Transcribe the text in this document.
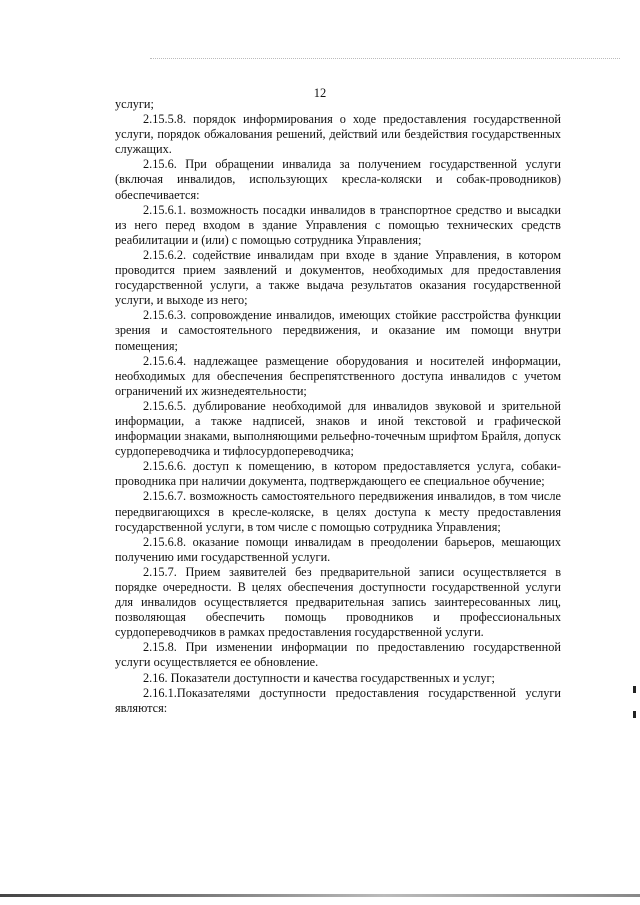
12

услуги;

2.15.5.8. порядок информирования о ходе предоставления государственной услуги, порядок обжалования решений, действий или бездействия государственных служащих.

2.15.6. При обращении инвалида за получением государственной услуги (включая инвалидов, использующих кресла-коляски и собак-проводников) обеспечивается:

2.15.6.1. возможность посадки инвалидов в транспортное средство и высадки из него перед входом в здание Управления с помощью технических средств реабилитации и (или) с помощью сотрудника Управления;

2.15.6.2. содействие инвалидам при входе в здание Управления, в котором проводится прием заявлений и документов, необходимых для предоставления государственной услуги, а также выдача результатов оказания государственной услуги, и выходе из него;

2.15.6.3. сопровождение инвалидов, имеющих стойкие расстройства функции зрения и самостоятельного передвижения, и оказание им помощи внутри помещения;

2.15.6.4. надлежащее размещение оборудования и носителей информации, необходимых для обеспечения беспрепятственного доступа инвалидов с учетом ограничений их жизнедеятельности;

2.15.6.5. дублирование необходимой для инвалидов звуковой и зрительной информации, а также надписей, знаков и иной текстовой и графической информации знаками, выполняющими рельефно-точечным шрифтом Брайля, допуск сурдопереводчика и тифлосурдопереводчика;

2.15.6.6. доступ к помещению, в котором предоставляется услуга, собаки-проводника при наличии документа, подтверждающего ее специальное обучение;

2.15.6.7. возможность самостоятельного передвижения инвалидов, в том числе передвигающихся в кресле-коляске, в целях доступа к месту предоставления государственной услуги, в том числе с помощью сотрудника Управления;

2.15.6.8. оказание помощи инвалидам в преодолении барьеров, мешающих получению ими государственной услуги.

2.15.7. Прием заявителей без предварительной записи осуществляется в порядке очередности. В целях обеспечения доступности государственной услуги для инвалидов осуществляется предварительная запись заинтересованных лиц, позволяющая обеспечить помощь проводников и профессиональных сурдопереводчиков в рамках предоставления государственной услуги.

2.15.8. При изменении информации по предоставлению государственной услуги осуществляется ее обновление.

2.16. Показатели доступности и качества государственных и услуг;

2.16.1.Показателями доступности предоставления государственной услуги являются:
